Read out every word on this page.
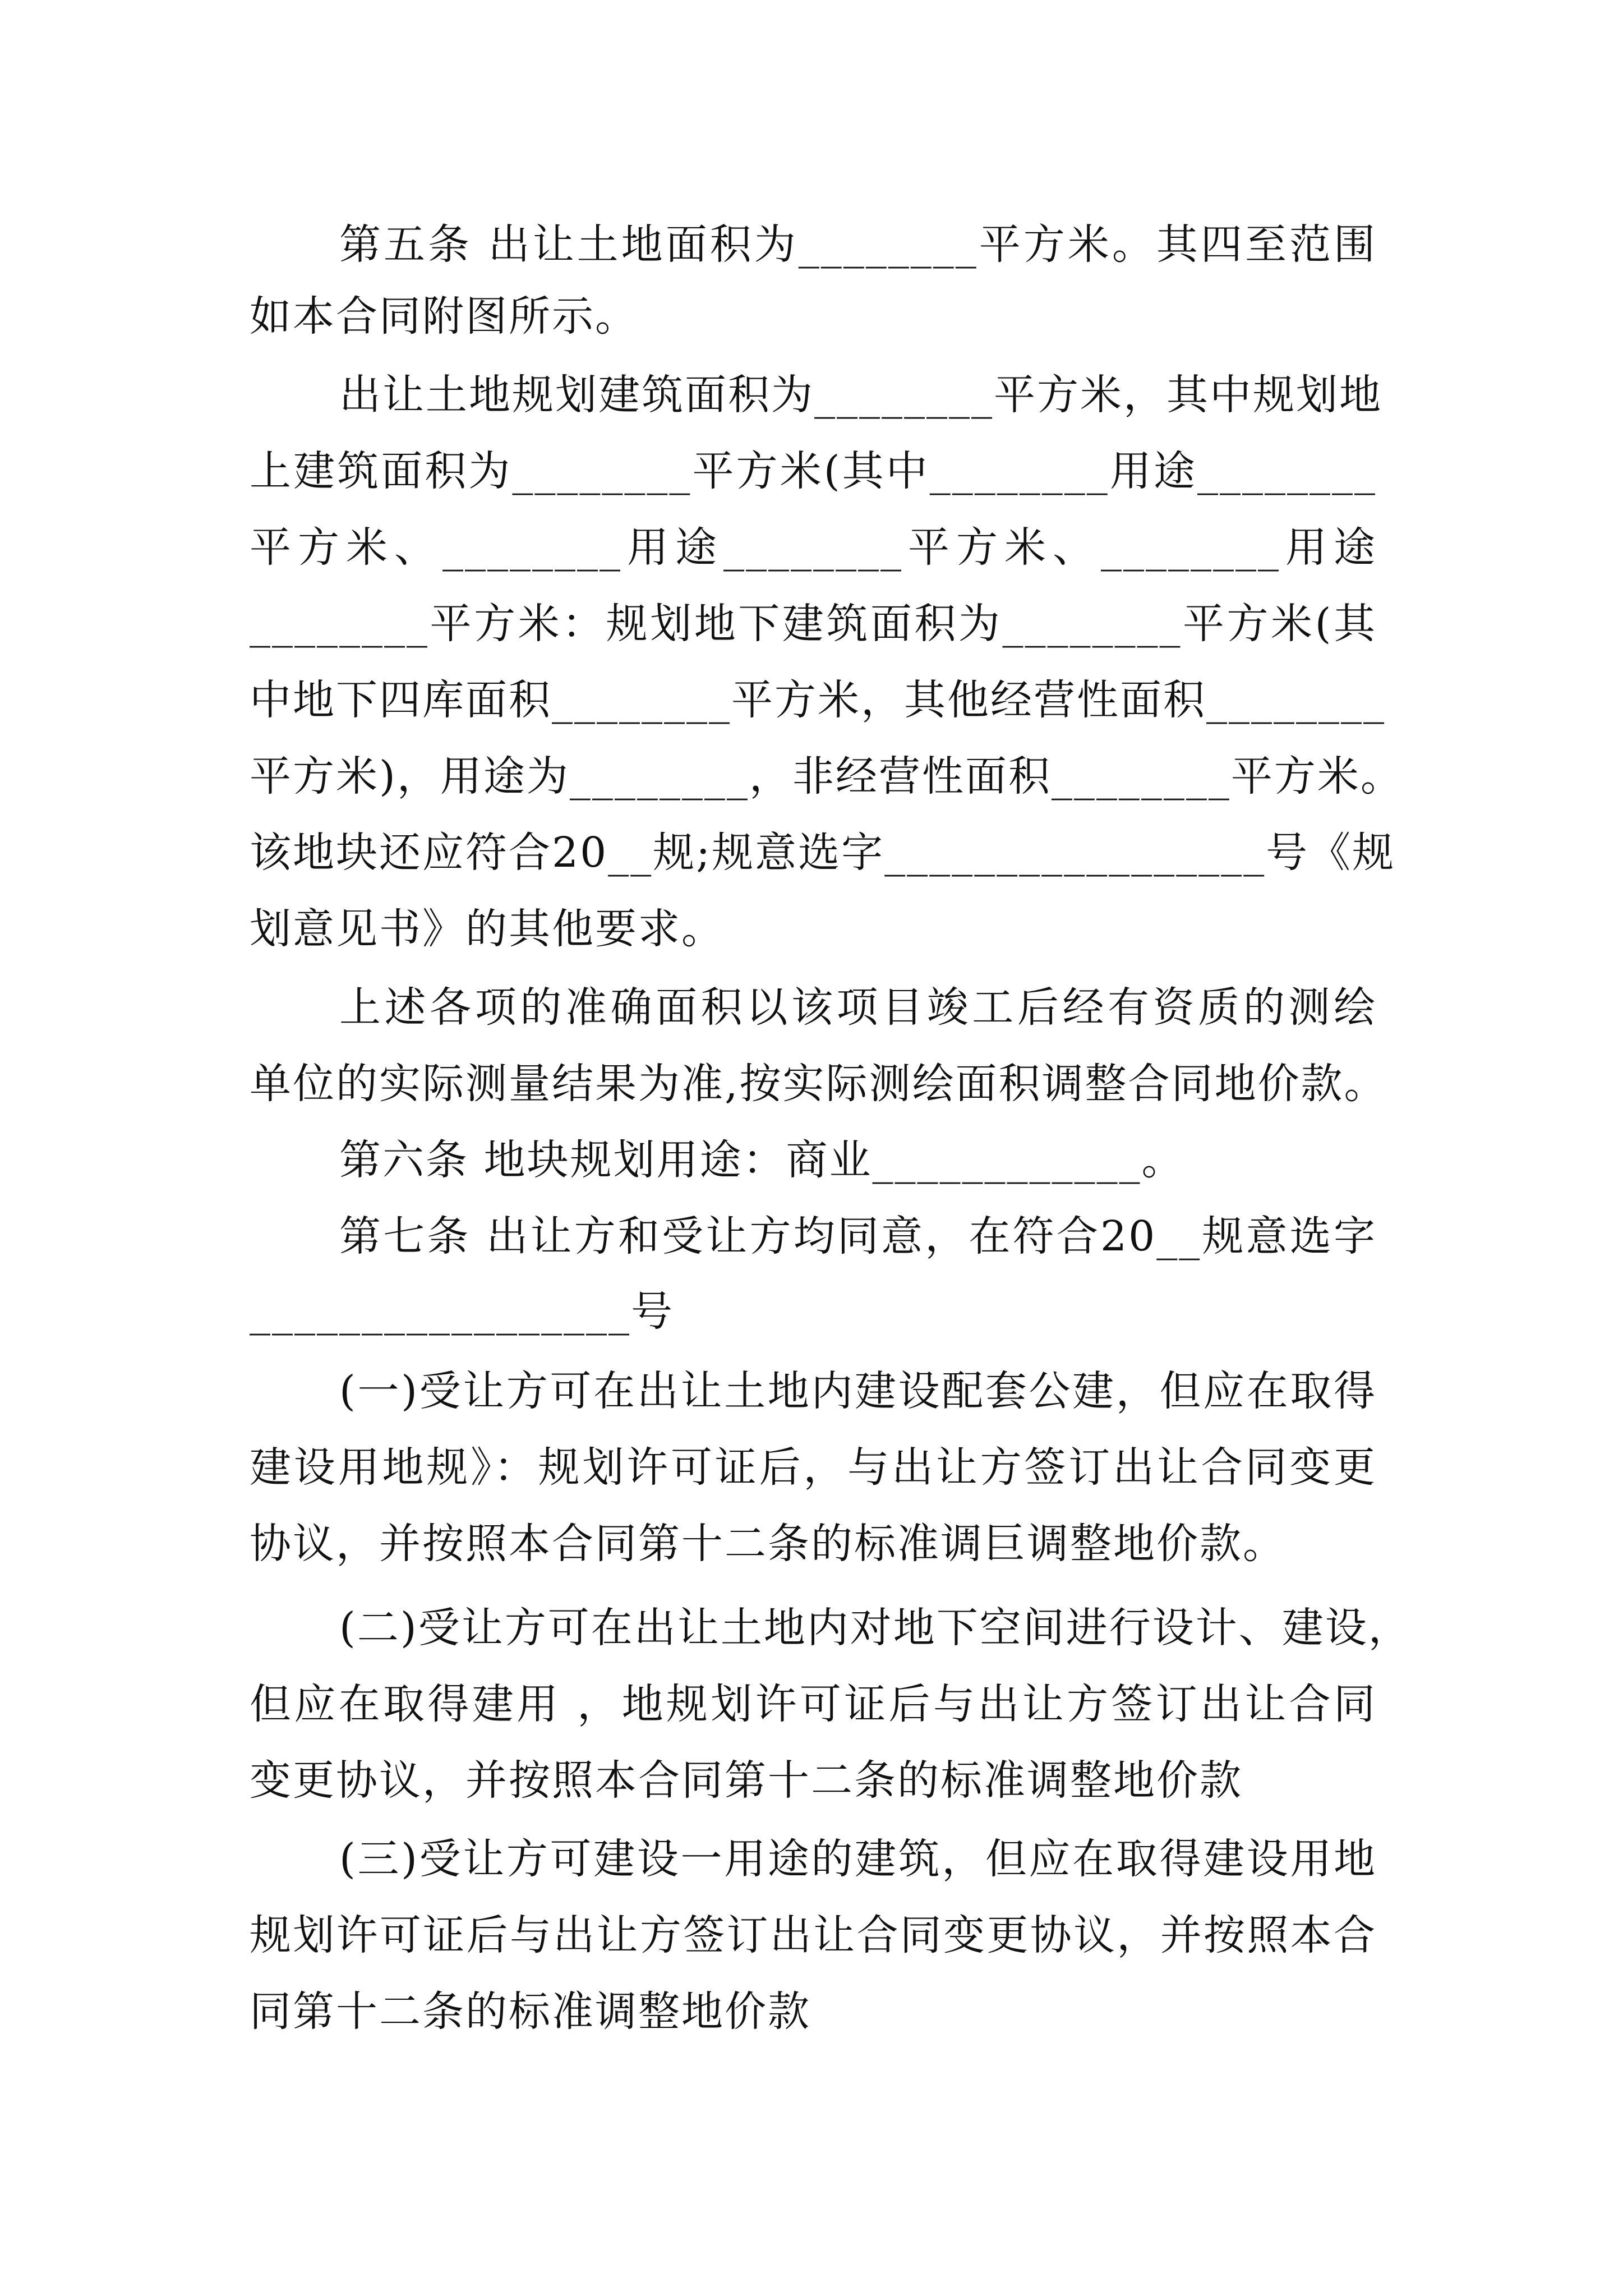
第五条 出让土地面积为________平方米。其四至范围
如本合同附图所示。
出让土地规划建筑面积为________平方米，其中规划地
上建筑面积为________平方米(其中________用途________
平方米、________用途________平方米、________用途
________平方米：规划地下建筑面积为________平方米(其
中地下四库面积________平方米，其他经营性面积________
平方米)，用途为________，非经营性面积________平方米。
该地块还应符合20__规;规意选字_________________号《规
划意见书》的其他要求。
上述各项的准确面积以该项目竣工后经有资质的测绘
单位的实际测量结果为准,按实际测绘面积调整合同地价款。
第六条 地块规划用途：商业____________。
第七条 出让方和受让方均同意，在符合20__规意选字
_________________号
(一)受让方可在出让土地内建设配套公建，但应在取得
建设用地规》：规划许可证后，与出让方签订出让合同变更
协议，并按照本合同第十二条的标准调巨调整地价款。
(二)受让方可在出让土地内对地下空间进行设计、建设，
但应在取得建用 ，地规划许可证后与出让方签订出让合同
变更协议，并按照本合同第十二条的标准调整地价款
(三)受让方可建设一用途的建筑，但应在取得建设用地
规划许可证后与出让方签订出让合同变更协议，并按照本合
同第十二条的标准调整地价款
